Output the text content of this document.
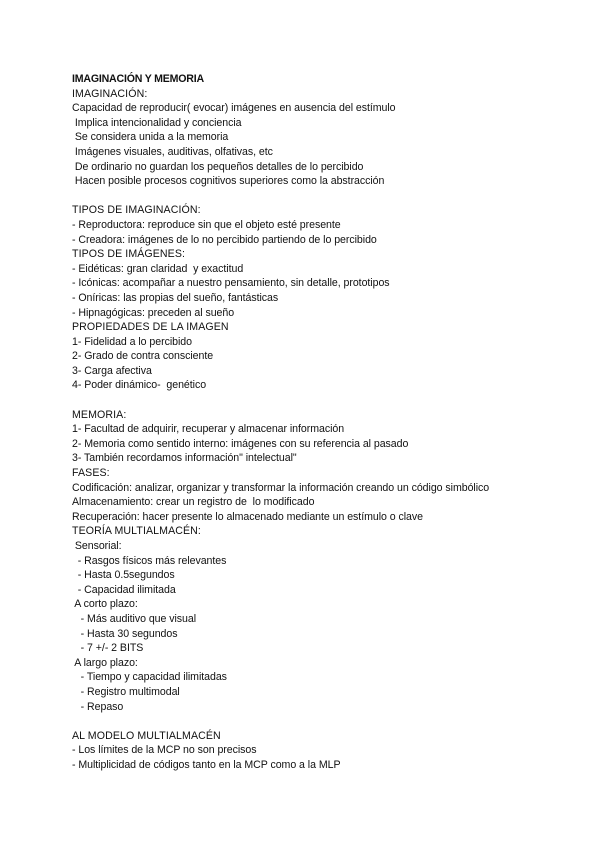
IMAGINACIÓN Y MEMORIA
IMAGINACIÓN:
Capacidad de reproducir( evocar) imágenes en ausencia del estímulo
Implica intencionalidad y conciencia
Se considera unida a la memoria
Imágenes visuales, auditivas, olfativas, etc
De ordinario no guardan los pequeños detalles de lo percibido
Hacen posible procesos cognitivos superiores como la abstracción
TIPOS DE IMAGINACIÓN:
- Reproductora: reproduce sin que el objeto esté presente
- Creadora: imágenes de lo no percibido partiendo de lo percibido
TIPOS DE IMÁGENES:
- Eidéticas: gran claridad  y exactitud
- Icónicas: acompañar a nuestro pensamiento, sin detalle, prototipos
- Oníricas: las propias del sueño, fantásticas
- Hipnagógicas: preceden al sueño
PROPIEDADES DE LA IMAGEN
1- Fidelidad a lo percibido
2- Grado de contra consciente
3- Carga afectiva
4- Poder dinámico-  genético
MEMORIA:
1- Facultad de adquirir, recuperar y almacenar información
2- Memoria como sentido interno: imágenes con su referencia al pasado
3- También recordamos información" intelectual"
FASES:
Codificación: analizar, organizar y transformar la información creando un código simbólico
Almacenamiento: crear un registro de  lo modificado
Recuperación: hacer presente lo almacenado mediante un estímulo o clave
TEORÍA MULTIALMACÉN:
Sensorial:
- Rasgos físicos más relevantes
- Hasta 0.5segundos
- Capacidad ilimitada
A corto plazo:
- Más auditivo que visual
- Hasta 30 segundos
- 7 +/- 2 BITS
A largo plazo:
- Tiempo y capacidad ilimitadas
- Registro multimodal
- Repaso
AL MODELO MULTIALMACÉN
- Los límites de la MCP no son precisos
- Multiplicidad de códigos tanto en la MCP como a la MLP
